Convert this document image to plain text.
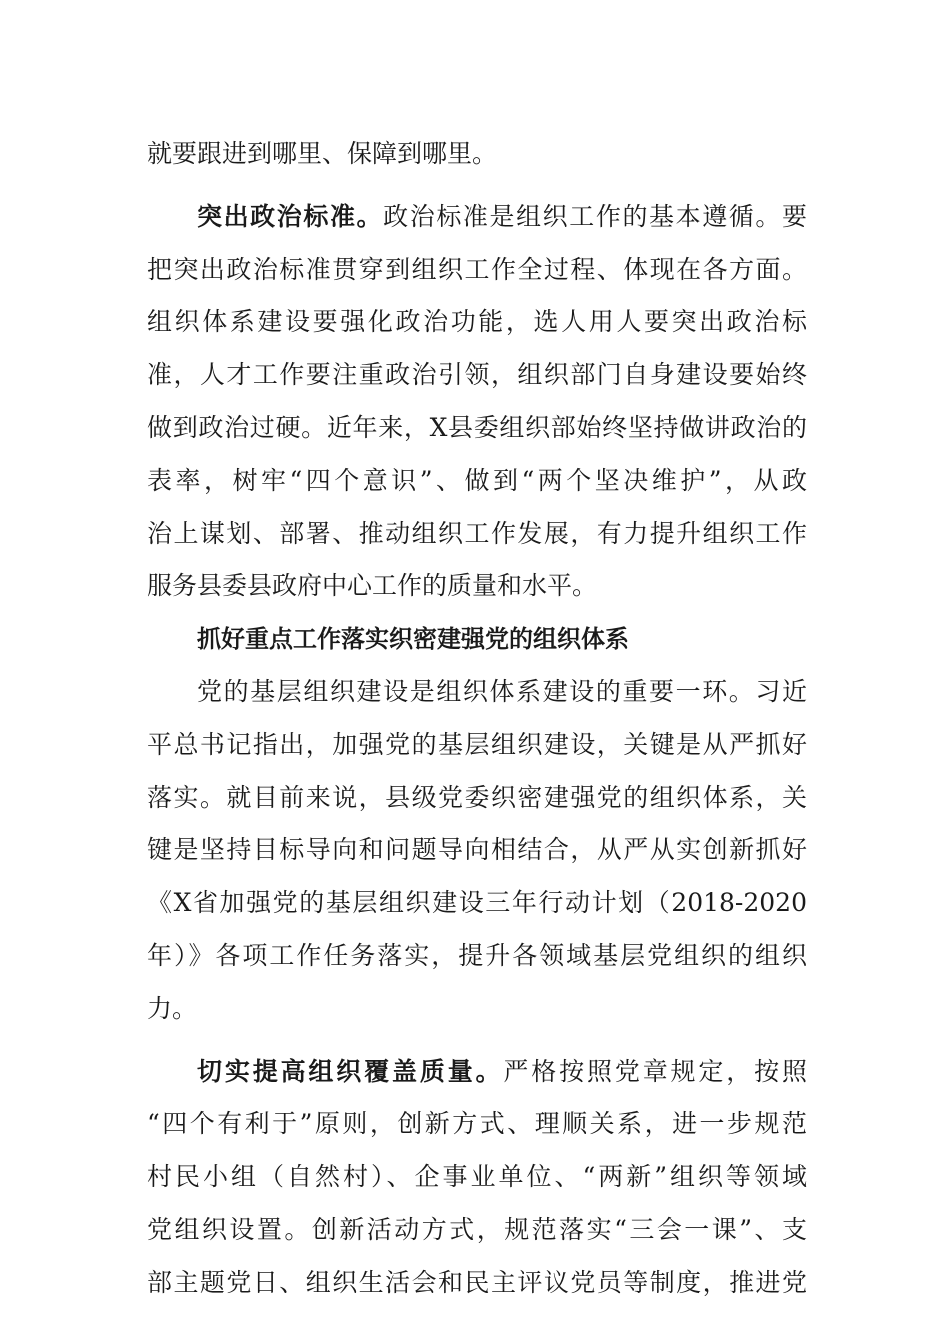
就要跟进到哪里、保障到哪里。
突出政治标准。政治标准是组织工作的基本遵循。要
把突出政治标准贯穿到组织工作全过程、体现在各方面。
组织体系建设要强化政治功能，选人用人要突出政治标
准，人才工作要注重政治引领，组织部门自身建设要始终
做到政治过硬。近年来，X县委组织部始终坚持做讲政治的
表率，树牢“四个意识”、做到“两个坚决维护”，从政
治上谋划、部署、推动组织工作发展，有力提升组织工作
服务县委县政府中心工作的质量和水平。
抓好重点工作落实织密建强党的组织体系
党的基层组织建设是组织体系建设的重要一环。习近
平总书记指出，加强党的基层组织建设，关键是从严抓好
落实。就目前来说，县级党委织密建强党的组织体系，关
键是坚持目标导向和问题导向相结合，从严从实创新抓好
《X省加强党的基层组织建设三年行动计划（2018-2020
年）》各项工作任务落实，提升各领域基层党组织的组织
力。
切实提高组织覆盖质量。严格按照党章规定，按照
“四个有利于”原则，创新方式、理顺关系，进一步规范
村民小组（自然村）、企事业单位、“两新”组织等领域
党组织设置。创新活动方式，规范落实“三会一课”、支
部主题党日、组织生活会和民主评议党员等制度，推进党
